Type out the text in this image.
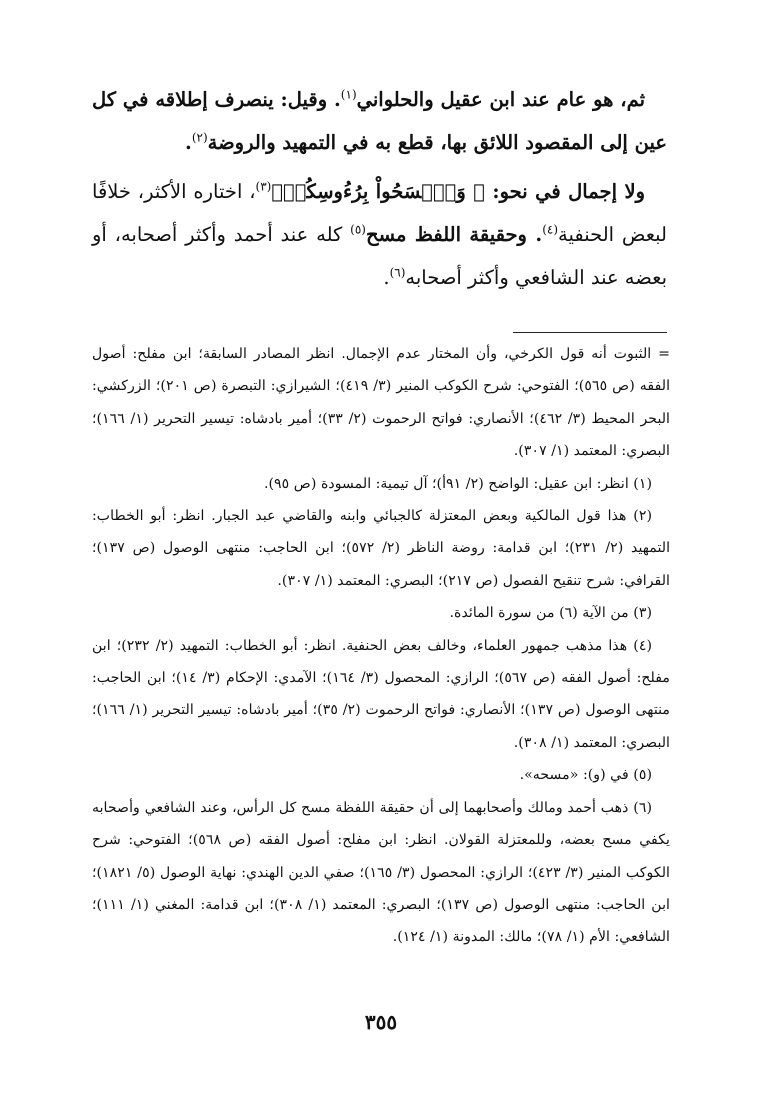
ثم، هو عام عند ابن عقيل والحلواني$^{(١)}$. وقيل: ينصرف إطلاقه في كل عين إلى المقصود اللائق بها، قطع به في التمهيد والروضة$^{(٢)}$.

ولا إجمال في نحو: ﴿ وَٱمۡسَحُواْ بِرُءُوسِكُمۡ﴾$^{(٣)}$، اختاره الأكثر، خلافًا لبعض الحنفية$^{(٤)}$. وحقيقة اللفظ مسح$^{(٥)}$ كله عند أحمد وأكثر أصحابه، أو بعضه عند الشافعي وأكثر أصحابه$^{(٦)}$.

= الثبوت أنه قول الكرخي، وأن المختار عدم الإجمال. انظر المصادر السابقة؛ ابن مفلح: أصول الفقه (ص ٥٦٥)؛ الفتوحي: شرح الكوكب المنير (٣/ ٤١٩)؛ الشيرازي: التبصرة (ص ٢٠١)؛ الزركشي: البحر المحيط (٣/ ٤٦٢)؛ الأنصاري: فواتح الرحموت (٢/ ٣٣)؛ أمير بادشاه: تيسير التحرير (١/ ١٦٦)؛ البصري: المعتمد (١/ ٣٠٧).

(١) انظر: ابن عقيل: الواضح (٢/ ٩١أ)؛ آل تيمية: المسودة (ص ٩٥).

(٢) هذا قول المالكية وبعض المعتزلة كالجبائي وابنه والقاضي عبد الجبار. انظر: أبو الخطاب: التمهيد (٢/ ٢٣١)؛ ابن قدامة: روضة الناظر (٢/ ٥٧٢)؛ ابن الحاجب: منتهى الوصول (ص ١٣٧)؛ القرافي: شرح تنقيح الفصول (ص ٢١٧)؛ البصري: المعتمد (١/ ٣٠٧).

(٣) من الآية (٦) من سورة المائدة.

(٤) هذا مذهب جمهور العلماء، وخالف بعض الحنفية. انظر: أبو الخطاب: التمهيد (٢/ ٢٣٢)؛ ابن مفلح: أصول الفقه (ص ٥٦٧)؛ الرازي: المحصول (٣/ ١٦٤)؛ الآمدي: الإحكام (٣/ ١٤)؛ ابن الحاجب: منتهى الوصول (ص ١٣٧)؛ الأنصاري: فواتح الرحموت (٢/ ٣٥)؛ أمير بادشاه: تيسير التحرير (١/ ١٦٦)؛ البصري: المعتمد (١/ ٣٠٨).

(٥) في (و): «مسحه».

(٦) ذهب أحمد ومالك وأصحابهما إلى أن حقيقة اللفظة مسح كل الرأس، وعند الشافعي وأصحابه يكفي مسح بعضه، وللمعتزلة القولان. انظر: ابن مفلح: أصول الفقه (ص ٥٦٨)؛ الفتوحي: شرح الكوكب المنير (٣/ ٤٢٣)؛ الرازي: المحصول (٣/ ١٦٥)؛ صفي الدين الهندي: نهاية الوصول (٥/ ١٨٢١)؛ ابن الحاجب: منتهى الوصول (ص ١٣٧)؛ البصري: المعتمد (١/ ٣٠٨)؛ ابن قدامة: المغني (١/ ١١١)؛ الشافعي: الأم (١/ ٧٨)؛ مالك: المدونة (١/ ١٢٤).

٣٥٥
